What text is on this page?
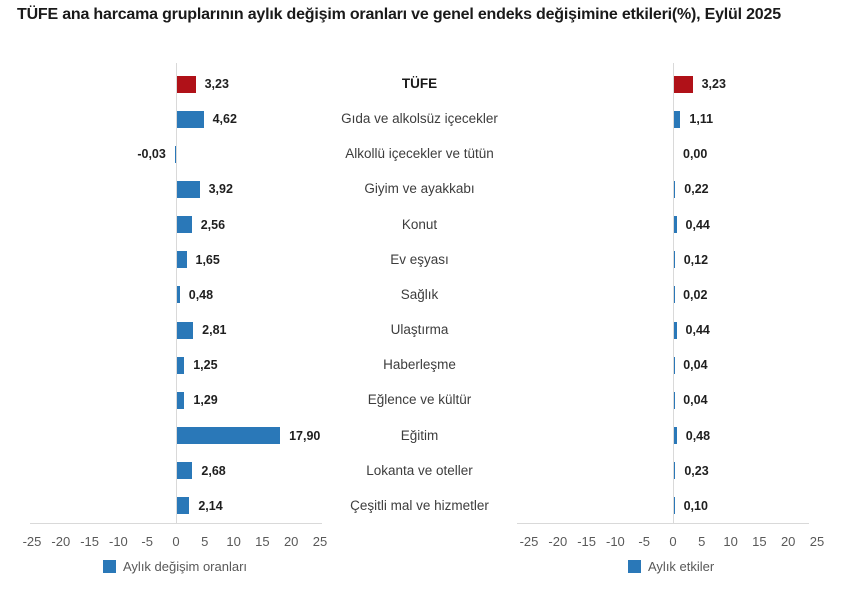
TÜFE ana harcama gruplarının aylık değişim oranları ve genel endeks değişimine etkileri(%), Eylül 2025
3,23
4,62
-0,03
3,92
2,56
1,65
0,48
2,81
1,25
1,29
17,90
2,68
2,14
TÜFE
Gıda ve alkolsüz içecekler
Alkollü içecekler ve tütün
Giyim ve ayakkabı
Konut
Ev eşyası
Sağlık
Ulaştırma
Haberleşme
Eğlence ve kültür
Eğitim
Lokanta ve oteller
Çeşitli mal ve hizmetler
3,23
1,11
0,00
0,22
0,44
0,12
0,02
0,44
0,04
0,04
0,48
0,23
0,10
-25 -20 -15 -10 -5 0 5 10 15 20 25	-25 -20 -15 -10 -5 0 5 10 15 20 25
Aylık değişim oranları	Aylık etkiler
